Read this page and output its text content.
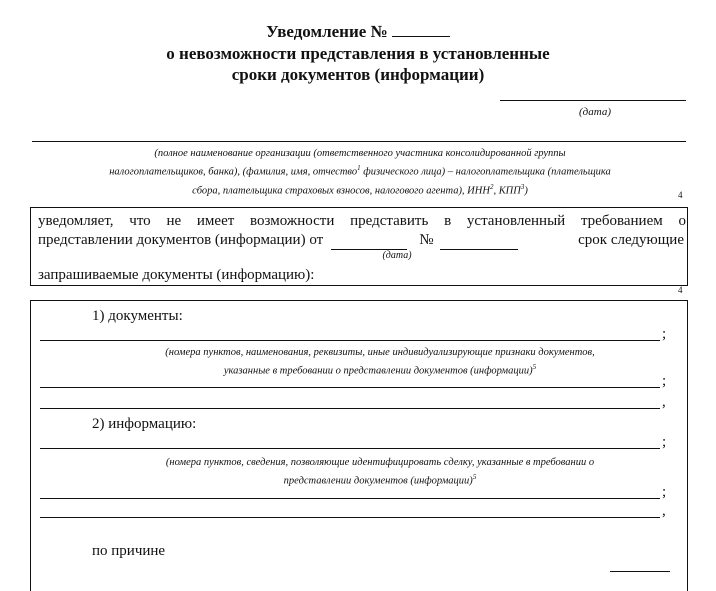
Уведомление №
о невозможности представления в установленные
сроки документов (информации)
(дата)
(полное наименование организации (ответственного участника консолидированной группы
налогоплательщиков, банка), (фамилия, имя, отчество$^1$ физического лица) – налогоплательщика (плательщика
сбора, плательщика страховых взносов, налогового агента), ИНН$^2$, КПП$^3$)	4
уведомляет, что не имеет возможности представить в установленный требованием о
представлении документов (информации) от	№	срок следующие
(дата)
запрашиваемые документы (информацию):
4
1) документы:
;
(номера пунктов, наименования, реквизиты, иные индивидуализирующие признаки документов,
указанные в требовании о представлении документов (информации)$^5$
;
,
2) информацию:
;
(номера пунктов, сведения, позволяющие идентифицировать сделку, указанные в требовании о
представлении документов (информации)$^5$
;
,
по причине
